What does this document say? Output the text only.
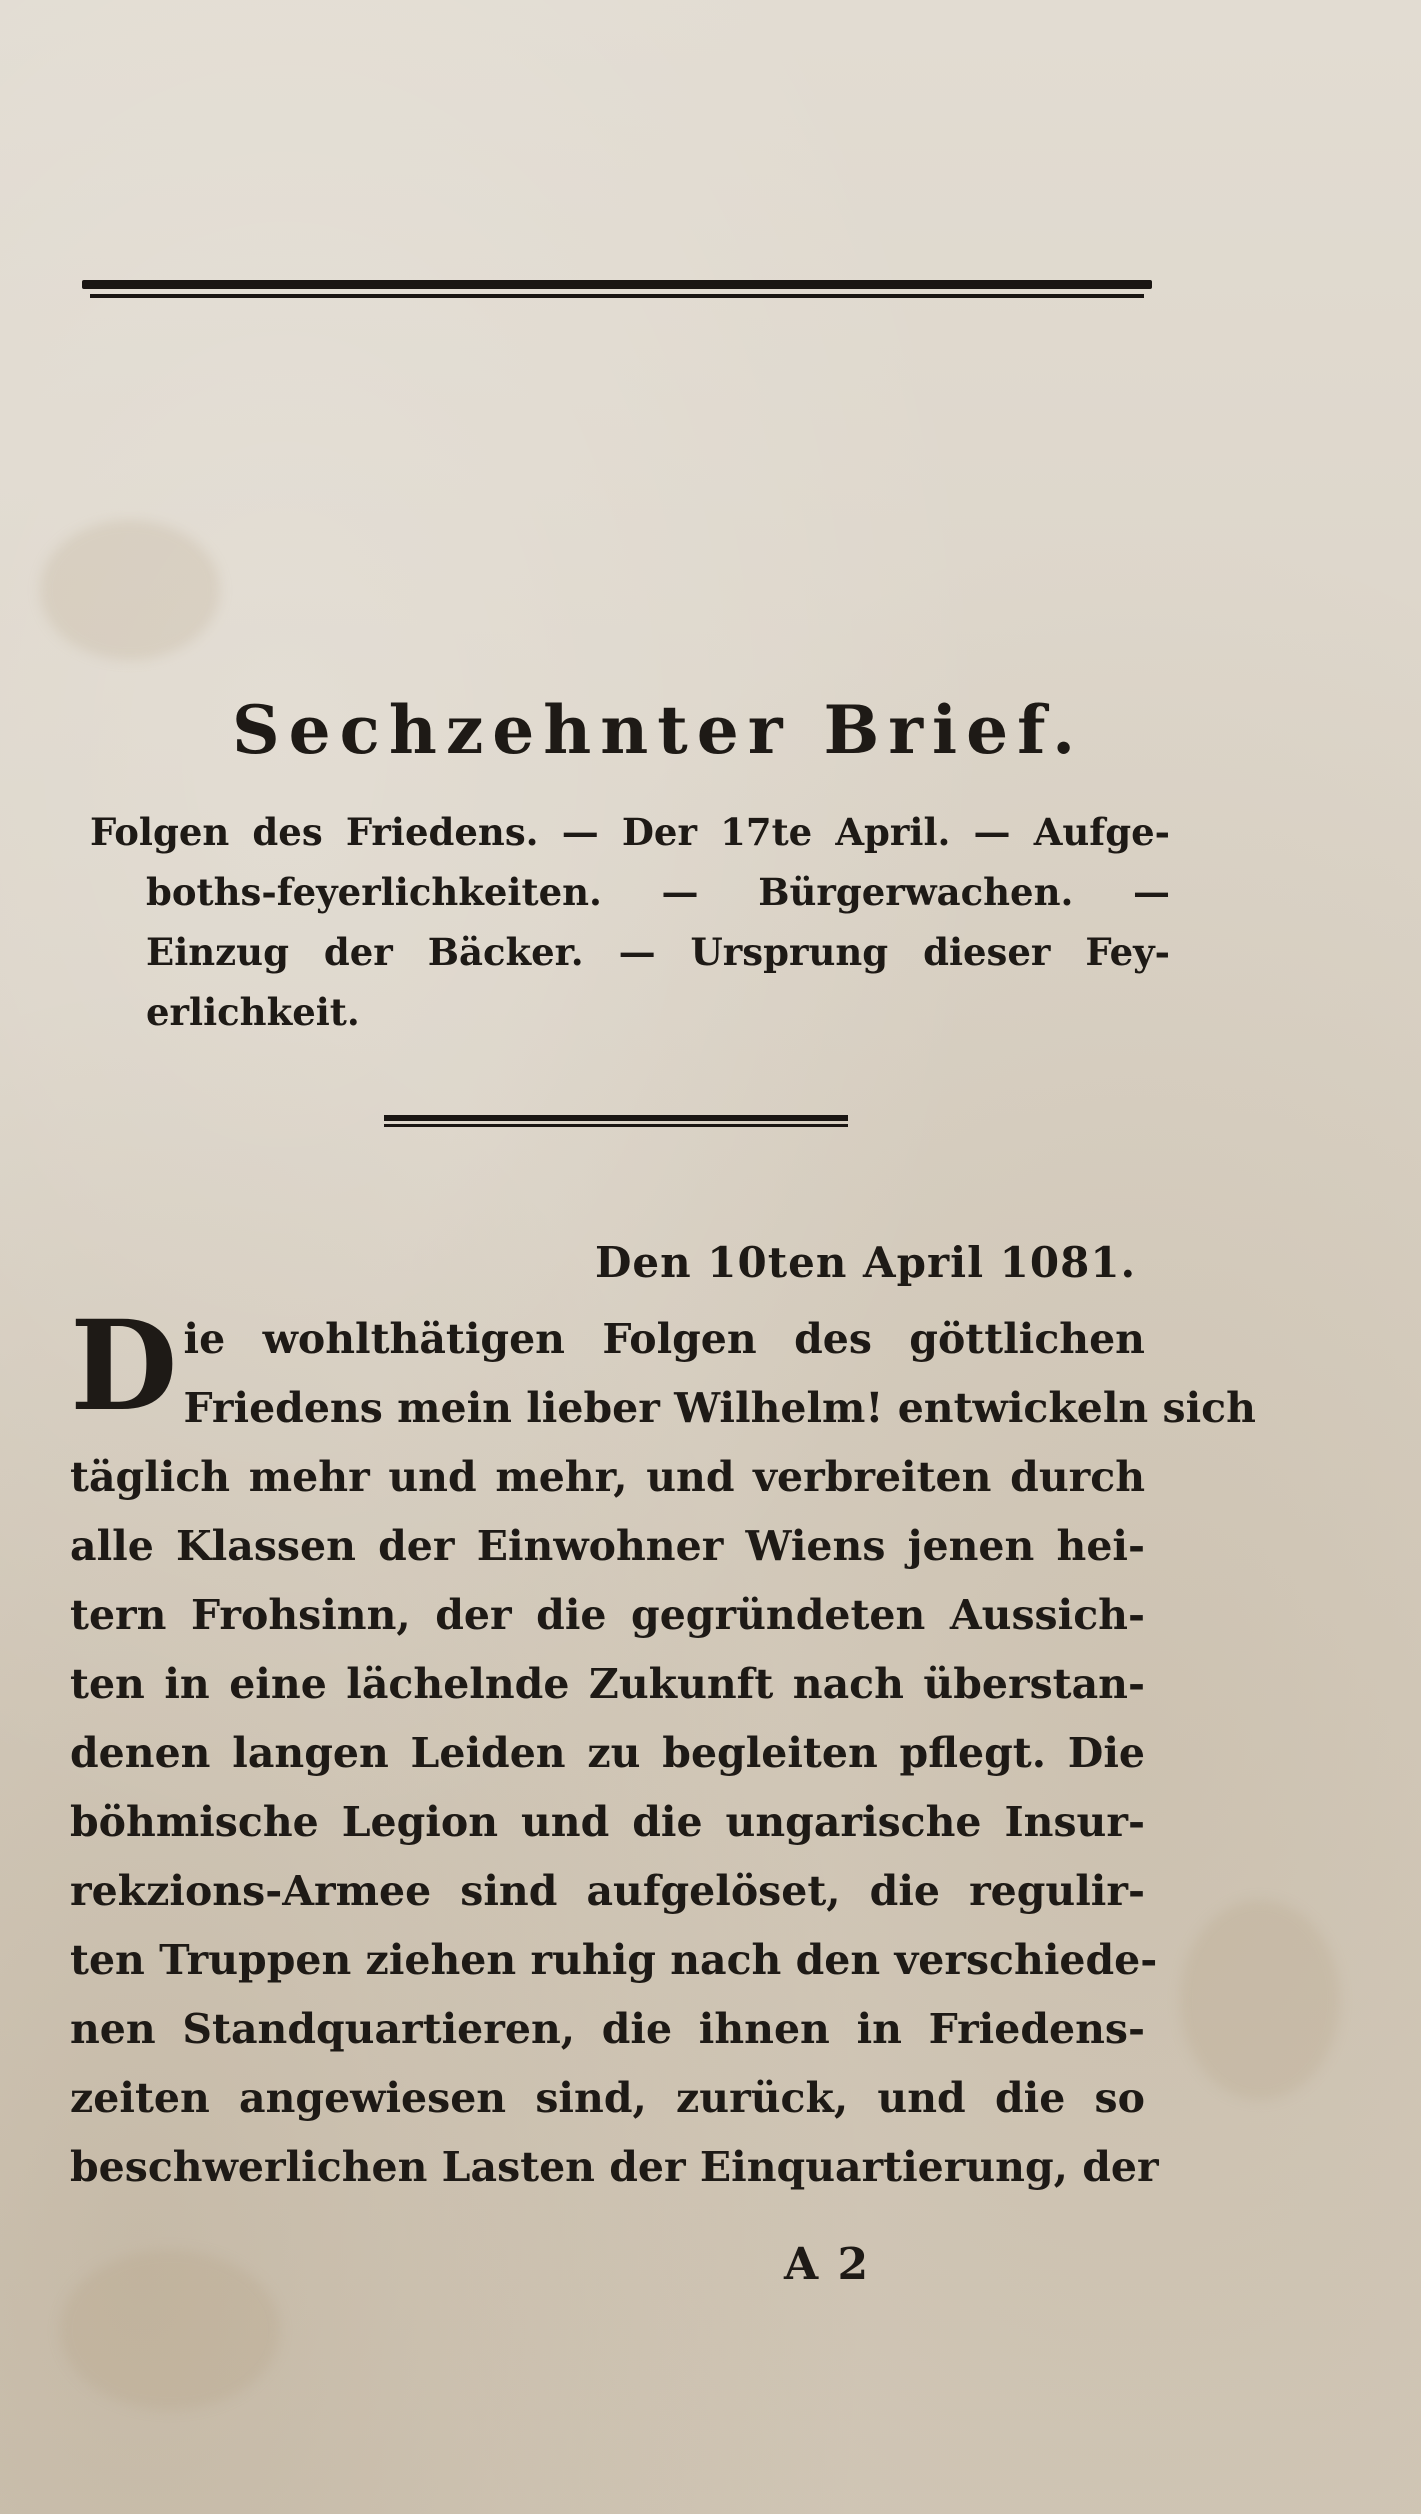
Sechzehnter Brief.
Folgen des Friedens. — Der 17te April. — Aufge-
boths-feyerlichkeiten. — Bürgerwachen. —
Einzug der Bäcker. — Ursprung dieser Fey-
erlichkeit.
Den 10ten April 1081.
D ie wohlthätigen Folgen des göttlichen
Friedens mein lieber Wilhelm! entwickeln sich
täglich mehr und mehr, und verbreiten durch
alle Klassen der Einwohner Wiens jenen hei-
tern Frohsinn, der die gegründeten Aussich-
ten in eine lächelnde Zukunft nach überstan-
denen langen Leiden zu begleiten pflegt. Die
böhmische Legion und die ungarische Insur-
rekzions-Armee sind aufgelöset, die regulir-
ten Truppen ziehen ruhig nach den verschiede-
nen Standquartieren, die ihnen in Friedens-
zeiten angewiesen sind, zurück, und die so
beschwerlichen Lasten der Einquartierung, der
A 2
